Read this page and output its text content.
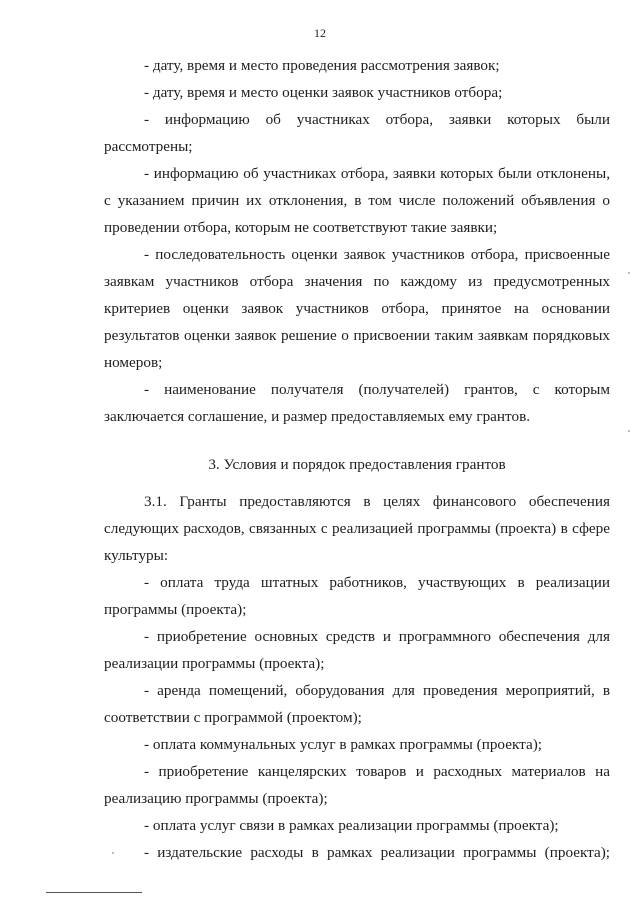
12

- дату, время и место проведения рассмотрения заявок;

- дату, время и место оценки заявок участников отбора;

- информацию об участниках отбора, заявки которых были рассмотрены;

- информацию об участниках отбора, заявки которых были отклонены, с указанием причин их отклонения, в том числе положений объявления о проведении отбора, которым не соответствуют такие заявки;

- последовательность оценки заявок участников отбора, присвоенные заявкам участников отбора значения по каждому из предусмотренных критериев оценки заявок участников отбора, принятое на основании результатов оценки заявок решение о присвоении таким заявкам порядковых номеров;

- наименование получателя (получателей) грантов, с которым заключается соглашение, и размер предоставляемых ему грантов.

3. Условия и порядок предоставления грантов

3.1. Гранты предоставляются в целях финансового обеспечения следующих расходов, связанных с реализацией программы (проекта) в сфере культуры:

- оплата труда штатных работников, участвующих в реализации программы (проекта);

- приобретение основных средств и программного обеспечения для реализации программы (проекта);

- аренда помещений, оборудования для проведения мероприятий, в соответствии с программой (проектом);

- оплата коммунальных услуг в рамках программы (проекта);

- приобретение канцелярских товаров и расходных материалов на реализацию программы (проекта);

- оплата услуг связи в рамках реализации программы (проекта);

- издательские расходы в рамках реализации программы (проекта);
